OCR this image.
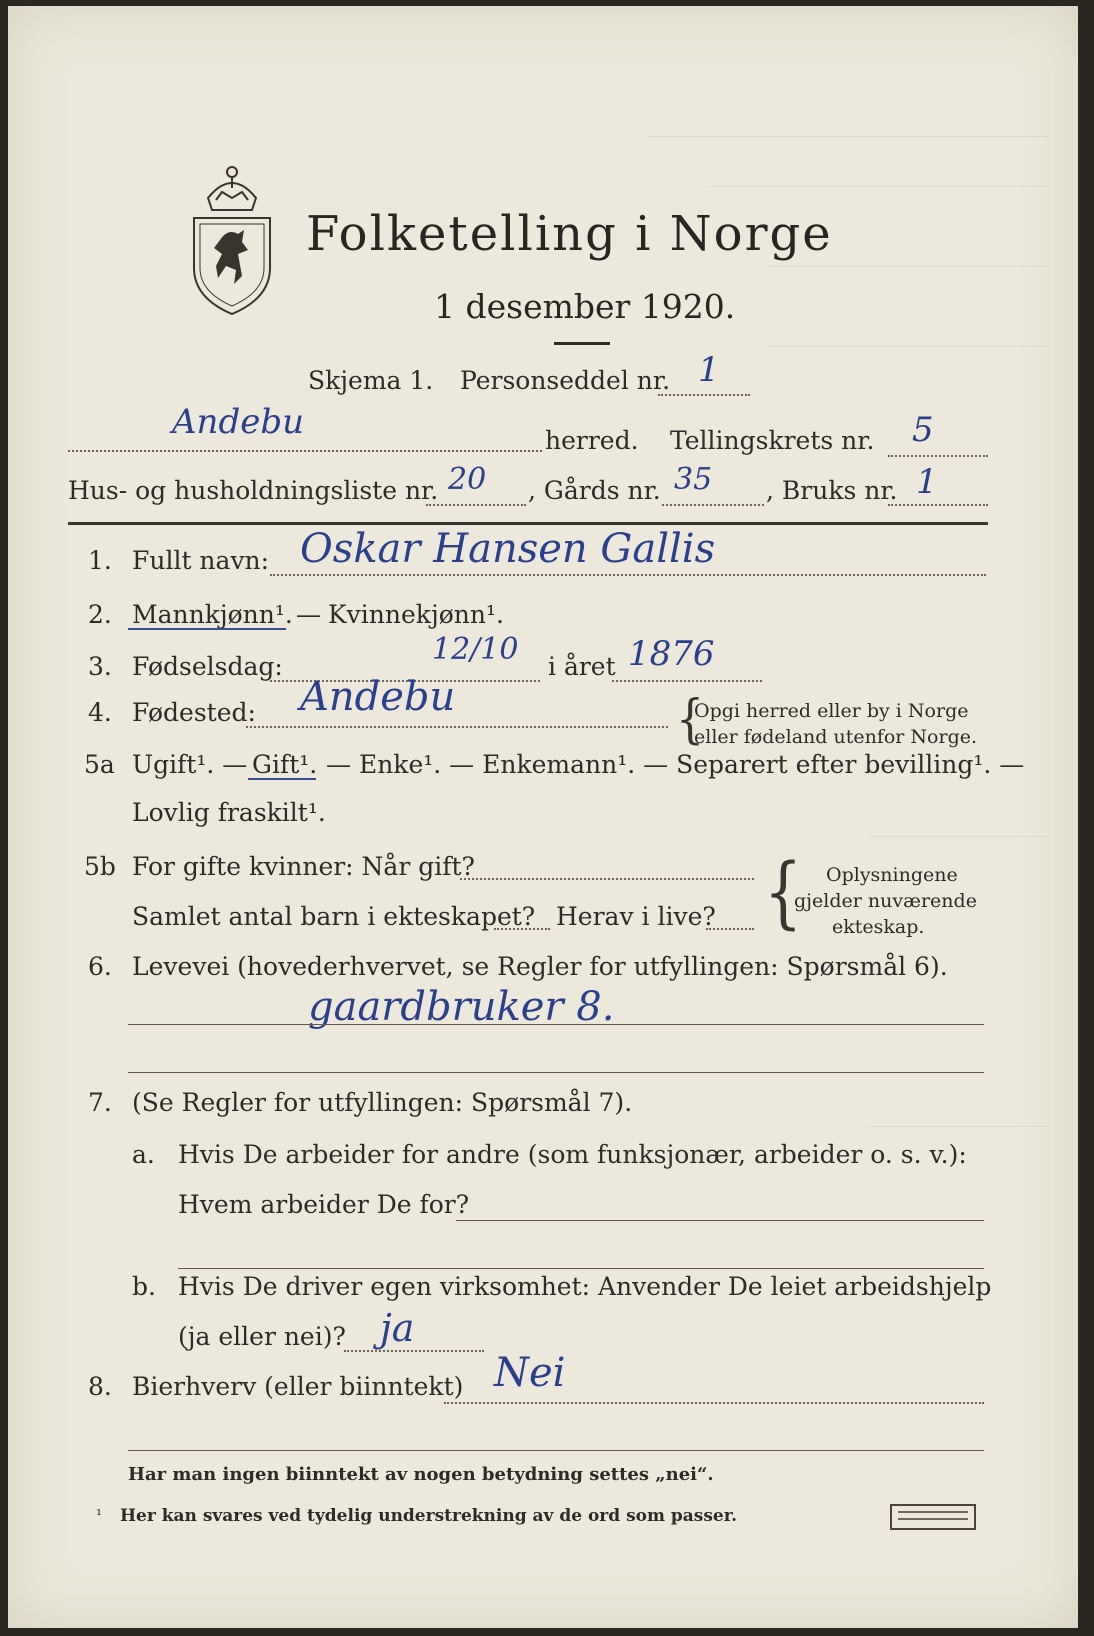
Folketelling i Norge
1 desember 1920.
Skjema 1. Personseddel nr. 1
Andebu	herred. Tellingskrets nr. 5
Hus- og husholdningsliste nr. 20 , Gårds nr. 35 , Bruks nr. 1
1. Fullt navn: Oskar Hansen Gallis
2. Mannkjønn¹. — Kvinnekjønn¹.
3. Fødselsdag:	12/10 i året 1876
4. Fødested: Andebu	{
Opgi herred eller by i Norge
eller fødeland utenfor Norge.
5a Ugift¹. — Gift¹. — Enke¹. — Enkemann¹. — Separert efter bevilling¹. —
Lovlig fraskilt¹.
5b For gifte kvinner: Når gift?
Samlet antal barn i ekteskapet? Herav i live? { Oplysningene
gjelder nuværende
ekteskap.
6. Levevei (hovederhvervet, se Regler for utfyllingen: Spørsmål 6).
gaardbruker 8.
7. (Se Regler for utfyllingen: Spørsmål 7).
a. Hvis De arbeider for andre (som funksjonær, arbeider o. s. v.):
Hvem arbeider De for?
b. Hvis De driver egen virksomhet: Anvender De leiet arbeidshjelp
(ja eller nei)? ja
8. Bierhverv (eller biinntekt) Nei
Har man ingen biinntekt av nogen betydning settes „nei“.
¹ Her kan svares ved tydelig understrekning av de ord som passer.
